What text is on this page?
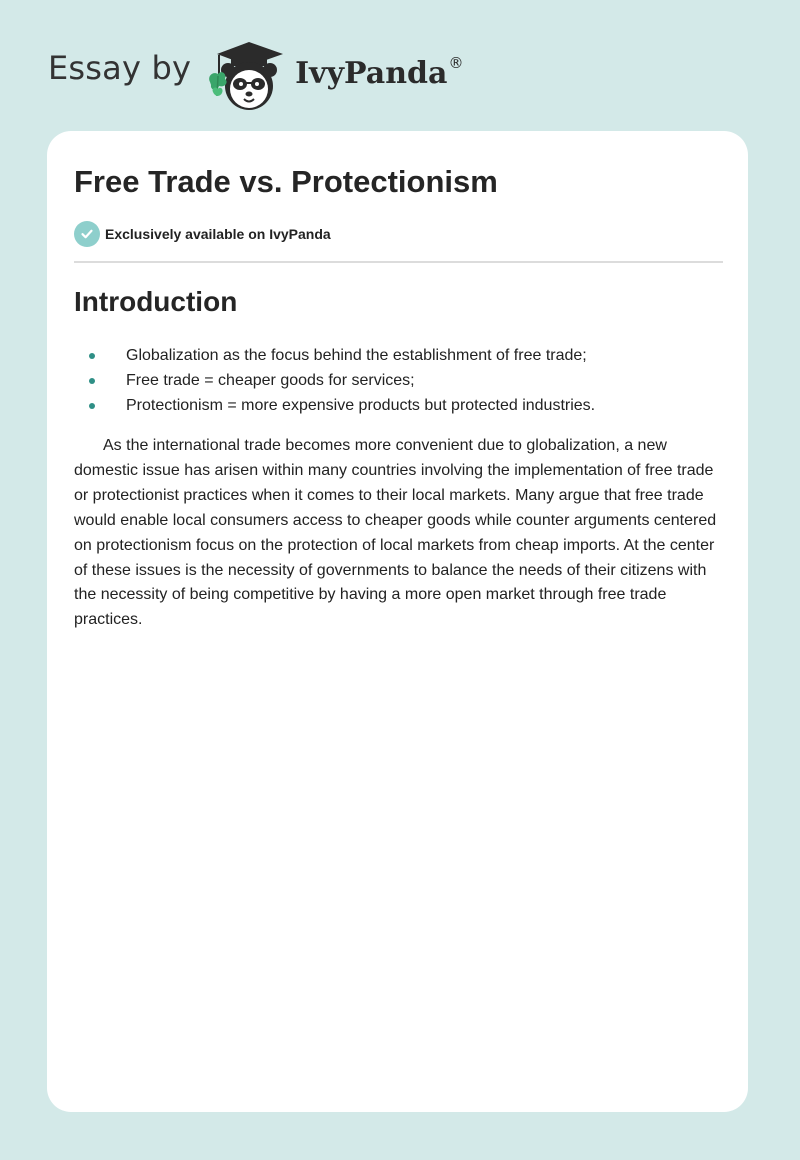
Essay by	IvyPanda®
Free Trade vs. Protectionism
Exclusively available on IvyPanda
Introduction
Globalization as the focus behind the establishment of free trade;
Free trade = cheaper goods for services;
Protectionism = more expensive products but protected industries.

As the international trade becomes more convenient due to globalization, a new domestic issue has arisen within many countries involving the implementation of free trade or protectionist practices when it comes to their local markets. Many argue that free trade would enable local consumers access to cheaper goods while counter arguments centered on protectionism focus on the protection of local markets from cheap imports. At the center of these issues is the necessity of governments to balance the needs of their citizens with the necessity of being competitive by having a more open market through free trade practices.
